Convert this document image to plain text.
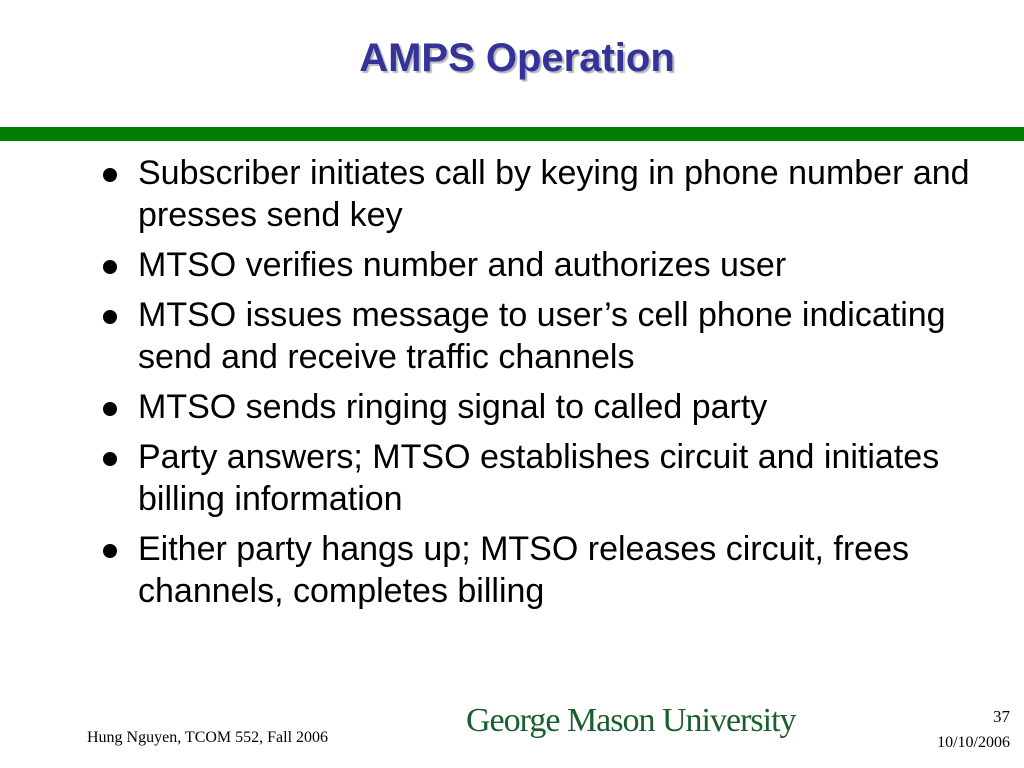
AMPS Operation
Subscriber initiates call by keying in phone number and presses send key
MTSO verifies number and authorizes user
MTSO issues message to user’s cell phone indicating send and receive traffic channels
MTSO sends ringing signal to called party
Party answers; MTSO establishes circuit and initiates billing information
Either party hangs up; MTSO releases circuit, frees channels, completes billing
Hung Nguyen, TCOM 552, Fall 2006	George Mason University	37
10/10/2006
